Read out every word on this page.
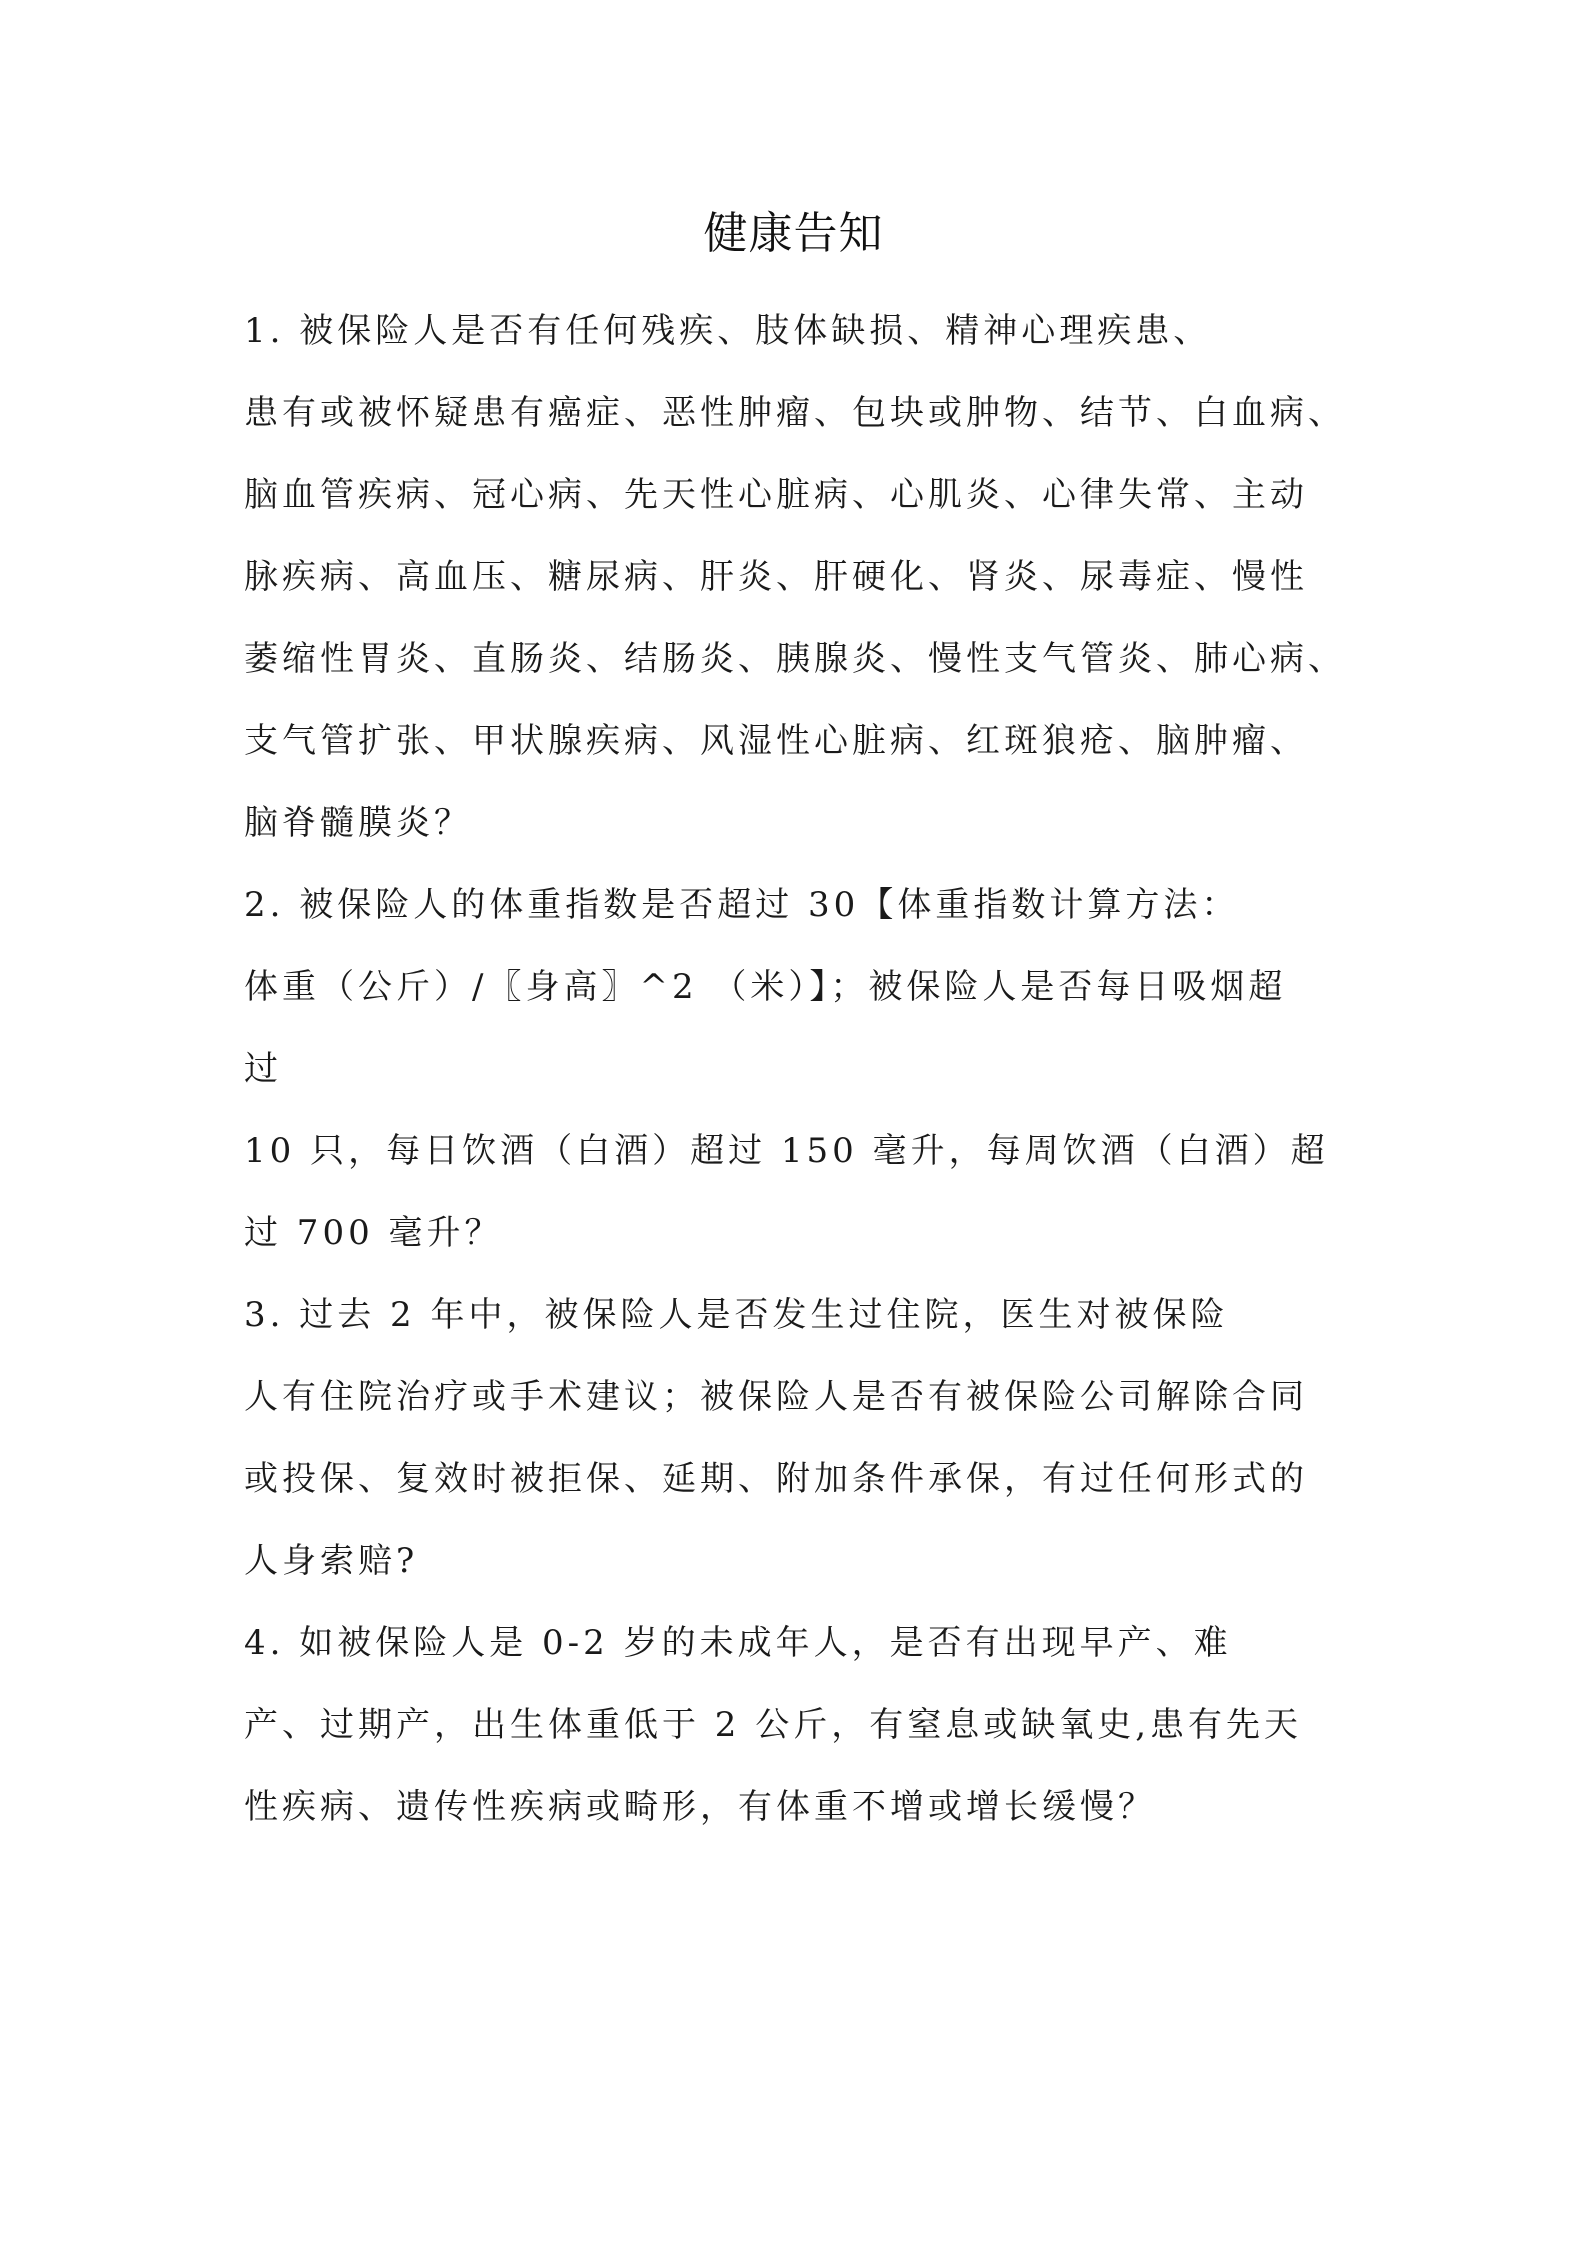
健康告知
1. 被保险人是否有任何残疾、肢体缺损、精神心理疾患、
患有或被怀疑患有癌症、恶性肿瘤、包块或肿物、结节、白血病、
脑血管疾病、冠心病、先天性心脏病、心肌炎、心律失常、主动
脉疾病、高血压、糖尿病、肝炎、肝硬化、肾炎、尿毒症、慢性
萎缩性胃炎、直肠炎、结肠炎、胰腺炎、慢性支气管炎、肺心病、
支气管扩张、甲状腺疾病、风湿性心脏病、红斑狼疮、脑肿瘤、
脑脊髓膜炎？
2. 被保险人的体重指数是否超过 30【体重指数计算方法：
体重（公斤）/〖身高〗^2 （米）】；被保险人是否每日吸烟超
过
10 只，每日饮酒（白酒）超过 150 毫升，每周饮酒（白酒）超
过 700 毫升？
3. 过去 2 年中，被保险人是否发生过住院，医生对被保险
人有住院治疗或手术建议；被保险人是否有被保险公司解除合同
或投保、复效时被拒保、延期、附加条件承保，有过任何形式的
人身索赔?
4. 如被保险人是 0-2 岁的未成年人，是否有出现早产、难
产、过期产，出生体重低于 2 公斤，有窒息或缺氧史,患有先天
性疾病、遗传性疾病或畸形，有体重不增或增长缓慢？
